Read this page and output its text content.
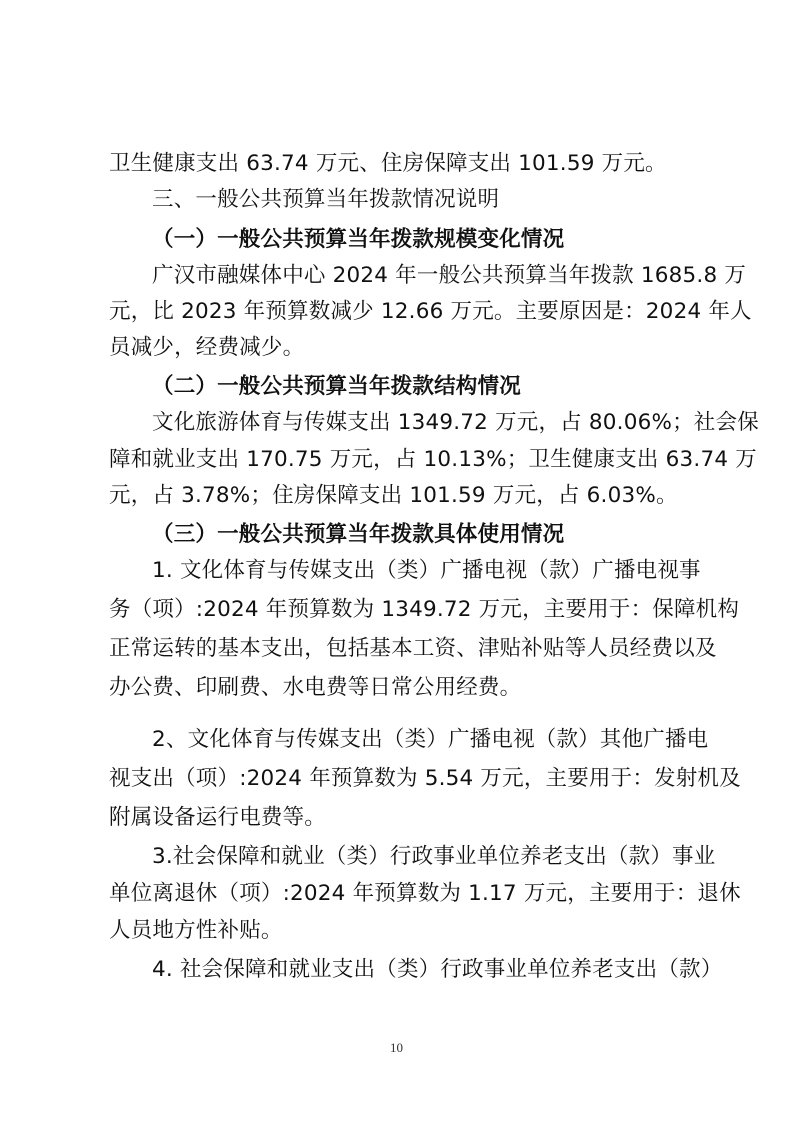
卫生健康支出 63.74 万元、住房保障支出 101.59 万元。
三、一般公共预算当年拨款情况说明
（一）一般公共预算当年拨款规模变化情况
广汉市融媒体中心 2024 年一般公共预算当年拨款 1685.8 万
元，比 2023 年预算数减少 12.66 万元。主要原因是：2024 年人
员减少，经费减少。
（二）一般公共预算当年拨款结构情况
文化旅游体育与传媒支出 1349.72 万元，占 80.06%；社会保
障和就业支出 170.75 万元，占 10.13%；卫生健康支出 63.74 万
元，占 3.78%；住房保障支出 101.59 万元，占 6.03%。
（三）一般公共预算当年拨款具体使用情况
1. 文化体育与传媒支出（类）广播电视（款）广播电视事
务（项）:2024 年预算数为 1349.72 万元，主要用于：保障机构
正常运转的基本支出，包括基本工资、津贴补贴等人员经费以及
办公费、印刷费、水电费等日常公用经费。
2、文化体育与传媒支出（类）广播电视（款）其他广播电
视支出（项）:2024 年预算数为 5.54 万元，主要用于：发射机及
附属设备运行电费等。
3.社会保障和就业（类）行政事业单位养老支出（款）事业
单位离退休（项）:2024 年预算数为 1.17 万元，主要用于：退休
人员地方性补贴。
4. 社会保障和就业支出（类）行政事业单位养老支出（款）
10
